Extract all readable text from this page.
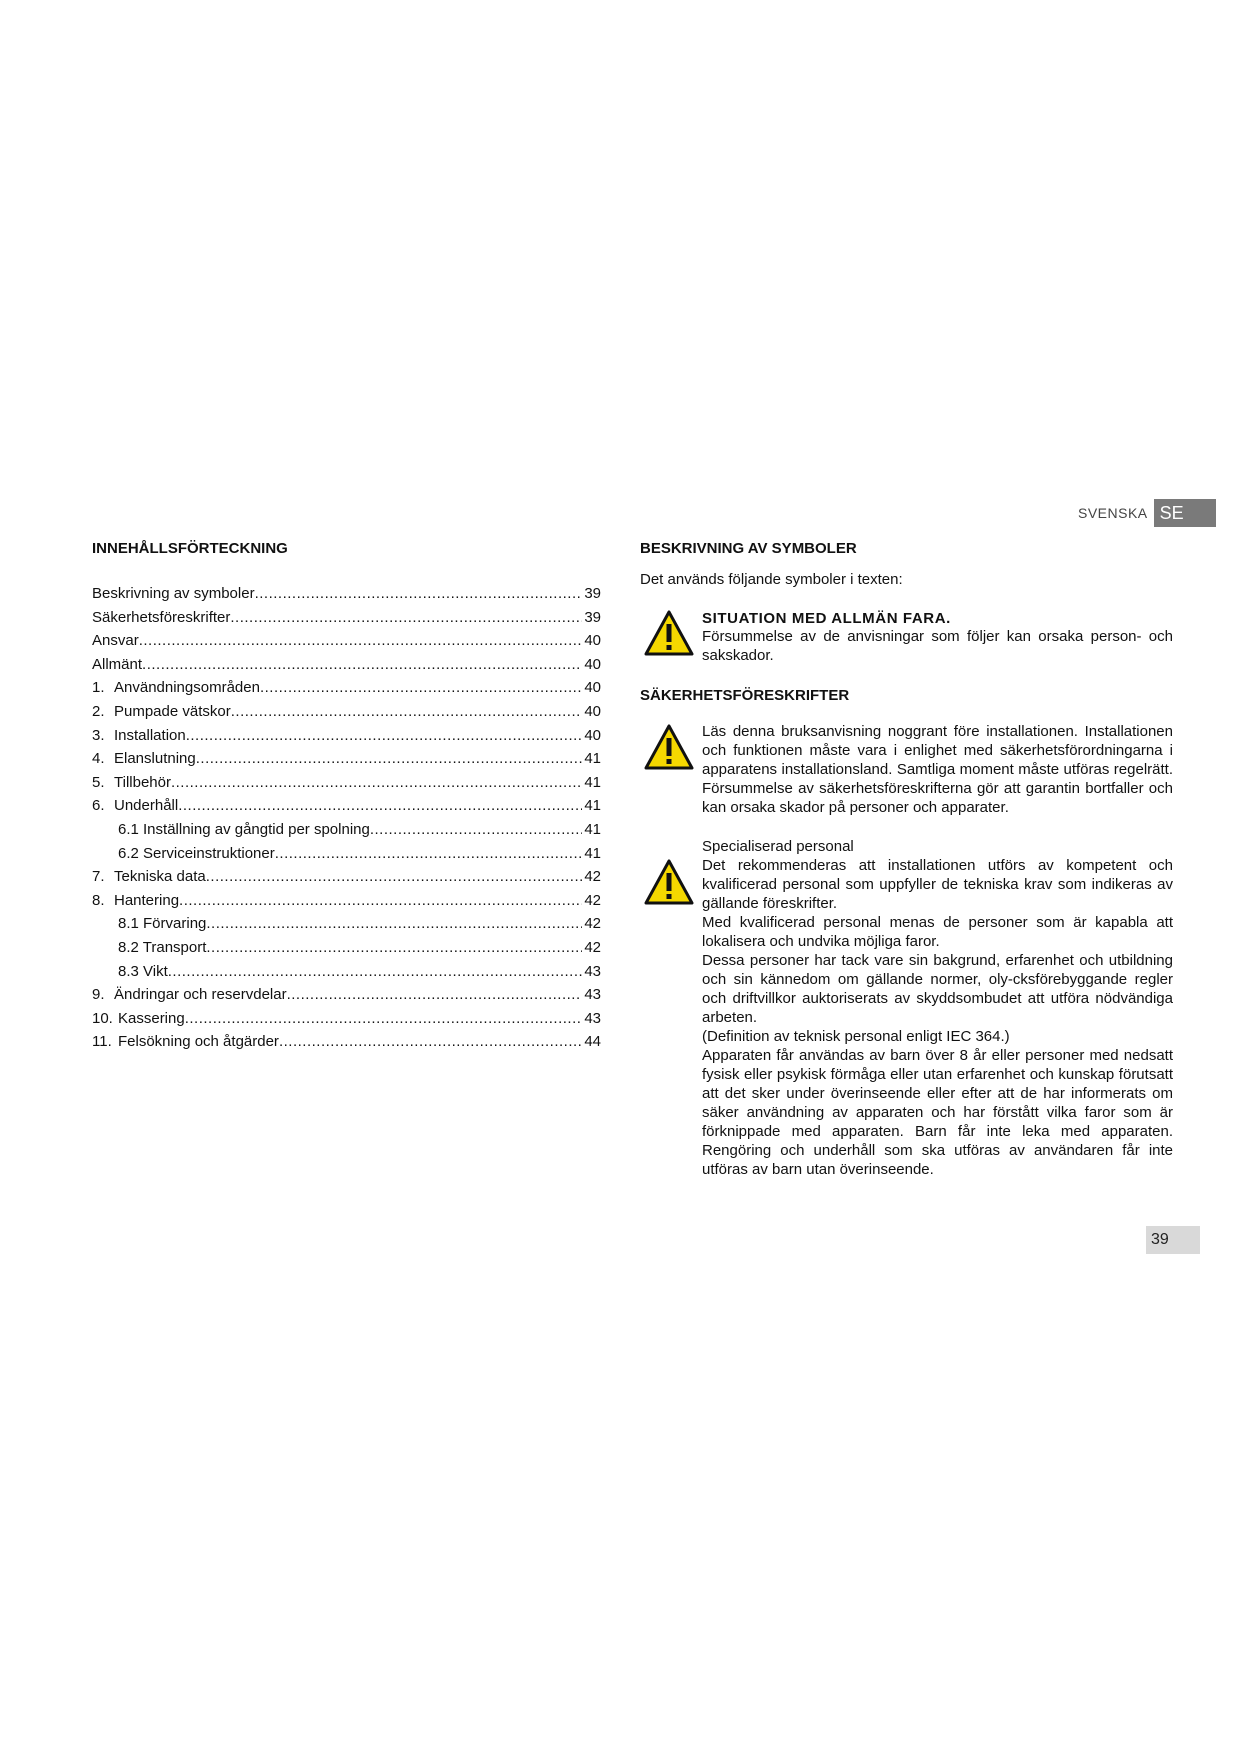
SVENSKA SE
INNEHÅLLSFÖRTECKNING
Beskrivning av symboler .....	39
Säkerhetsföreskrifter .....	39
Ansvar .....	40
Allmänt .....	40
1. Användningsområden .....	40
2. Pumpade vätskor .....	40
3. Installation .....	40
4. Elanslutning .....	41
5. Tillbehör .....	41
6. Underhåll .....	41
6.1 Inställning av gångtid per spolning .....	41
6.2 Serviceinstruktioner .....	41
7. Tekniska data .....	42
8. Hantering .....	42
8.1 Förvaring .....	42
8.2 Transport .....	42
8.3 Vikt .....	43
9. Ändringar och reservdelar .....	43
10. Kassering .....	43
11. Felsökning och åtgärder .....	44
BESKRIVNING AV SYMBOLER

Det används följande symboler i texten:

SITUATION MED ALLMÄN FARA.

Försummelse av de anvisningar som följer kan orsaka person- och sakskador.

SÄKERHETSFÖRESKRIFTER

Läs denna bruksanvisning noggrant före installationen. Installationen och funktionen måste vara i enlighet med säkerhetsförordningarna i apparatens installationsland. Samtliga moment måste utföras regelrätt. Försummelse av säkerhetsföreskrifterna gör att garantin bortfaller och kan orsaka skador på personer och apparater.

Specialiserad personal

Det rekommenderas att installationen utförs av kompetent och kvalificerad personal som uppfyller de tekniska krav som indikeras av gällande föreskrifter.

Med kvalificerad personal menas de personer som är kapabla att lokalisera och undvika möjliga faror.

Dessa personer har tack vare sin bakgrund, erfarenhet och utbildning och sin kännedom om gällande normer, oly-cksförebyggande regler och driftvillkor auktoriserats av skyddsombudet att utföra nödvändiga arbeten.

(Definition av teknisk personal enligt IEC 364.)

Apparaten får användas av barn över 8 år eller personer med nedsatt fysisk eller psykisk förmåga eller utan erfarenhet och kunskap förutsatt att det sker under överinseende eller efter att de har informerats om säker användning av apparaten och har förstått vilka faror som är förknippade med apparaten. Barn får inte leka med apparaten. Rengöring och underhåll som ska utföras av användaren får inte utföras av barn utan överinseende.

39
